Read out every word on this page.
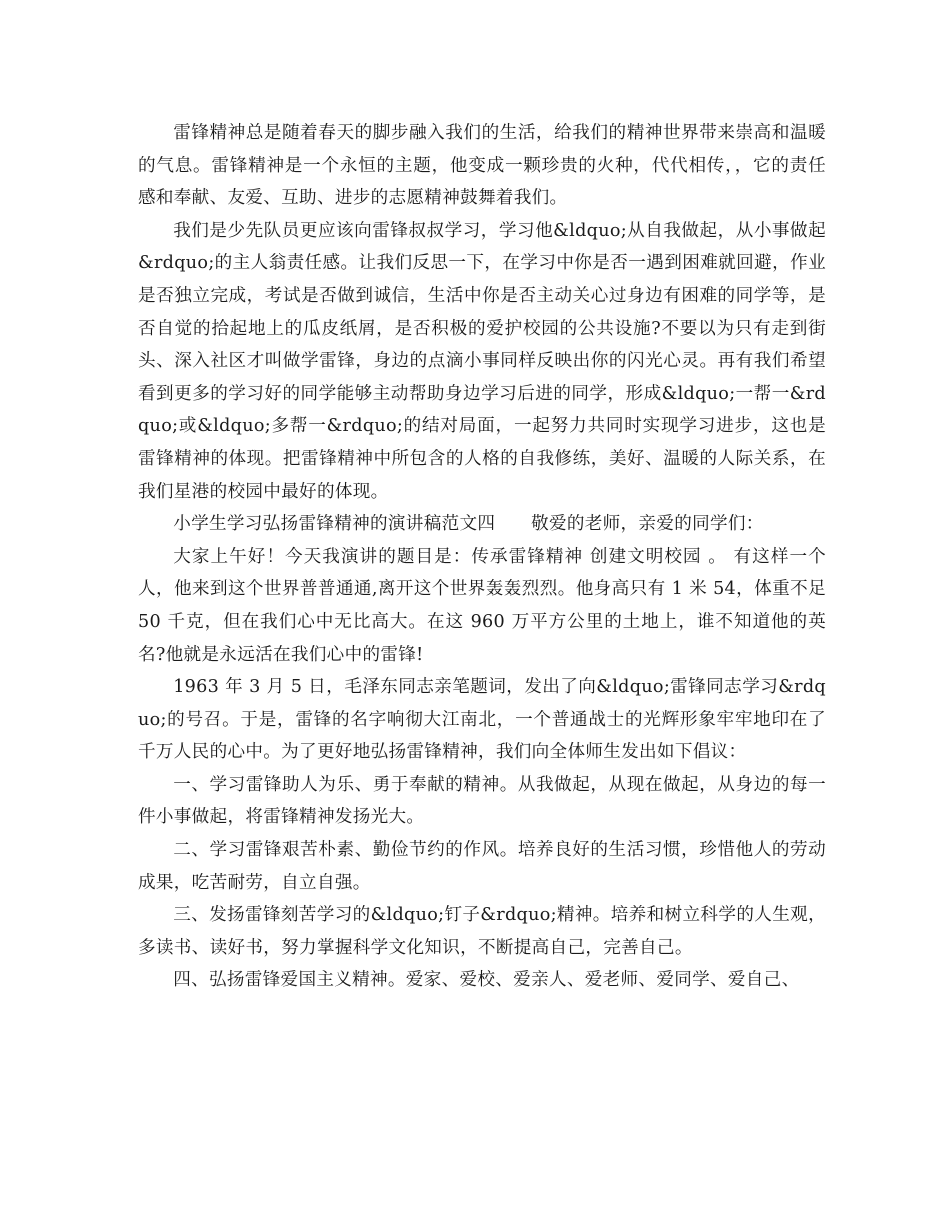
雷锋精神总是随着春天的脚步融入我们的生活，给我们的精神世界带来崇高和温暖的气息。雷锋精神是一个永恒的主题，他变成一颗珍贵的火种，代代相传，，它的责任感和奉献、友爱、互助、进步的志愿精神鼓舞着我们。

我们是少先队员更应该向雷锋叔叔学习，学习他&ldquo;从自我做起，从小事做起&rdquo;的主人翁责任感。让我们反思一下，在学习中你是否一遇到困难就回避，作业是否独立完成，考试是否做到诚信，生活中你是否主动关心过身边有困难的同学等，是否自觉的拾起地上的瓜皮纸屑，是否积极的爱护校园的公共设施?不要以为只有走到街头、深入社区才叫做学雷锋，身边的点滴小事同样反映出你的闪光心灵。再有我们希望看到更多的学习好的同学能够主动帮助身边学习后进的同学，形成&ldquo;一帮一&rdquo;或&ldquo;多帮一&rdquo;的结对局面，一起努力共同时实现学习进步，这也是雷锋精神的体现。把雷锋精神中所包含的人格的自我修练，美好、温暖的人际关系，在我们星港的校园中最好的体现。

小学生学习弘扬雷锋精神的演讲稿范文四　　敬爱的老师，亲爱的同学们：

大家上午好！今天我演讲的题目是：传承雷锋精神 创建文明校园 。 有这样一个人，他来到这个世界普普通通,离开这个世界轰轰烈烈。他身高只有 1 米 54，体重不足 50 千克，但在我们心中无比高大。在这 960 万平方公里的土地上，谁不知道他的英名?他就是永远活在我们心中的雷锋!

1963 年 3 月 5 日，毛泽东同志亲笔题词，发出了向&ldquo;雷锋同志学习&rdquo;的号召。于是，雷锋的名字响彻大江南北，一个普通战士的光辉形象牢牢地印在了千万人民的心中。为了更好地弘扬雷锋精神，我们向全体师生发出如下倡议：

一、学习雷锋助人为乐、勇于奉献的精神。从我做起，从现在做起，从身边的每一件小事做起，将雷锋精神发扬光大。

二、学习雷锋艰苦朴素、勤俭节约的作风。培养良好的生活习惯，珍惜他人的劳动成果，吃苦耐劳，自立自强。

三、发扬雷锋刻苦学习的&ldquo;钉子&rdquo;精神。培养和树立科学的人生观，多读书、读好书，努力掌握科学文化知识，不断提高自己，完善自己。

四、弘扬雷锋爱国主义精神。爱家、爱校、爱亲人、爱老师、爱同学、爱自己、
